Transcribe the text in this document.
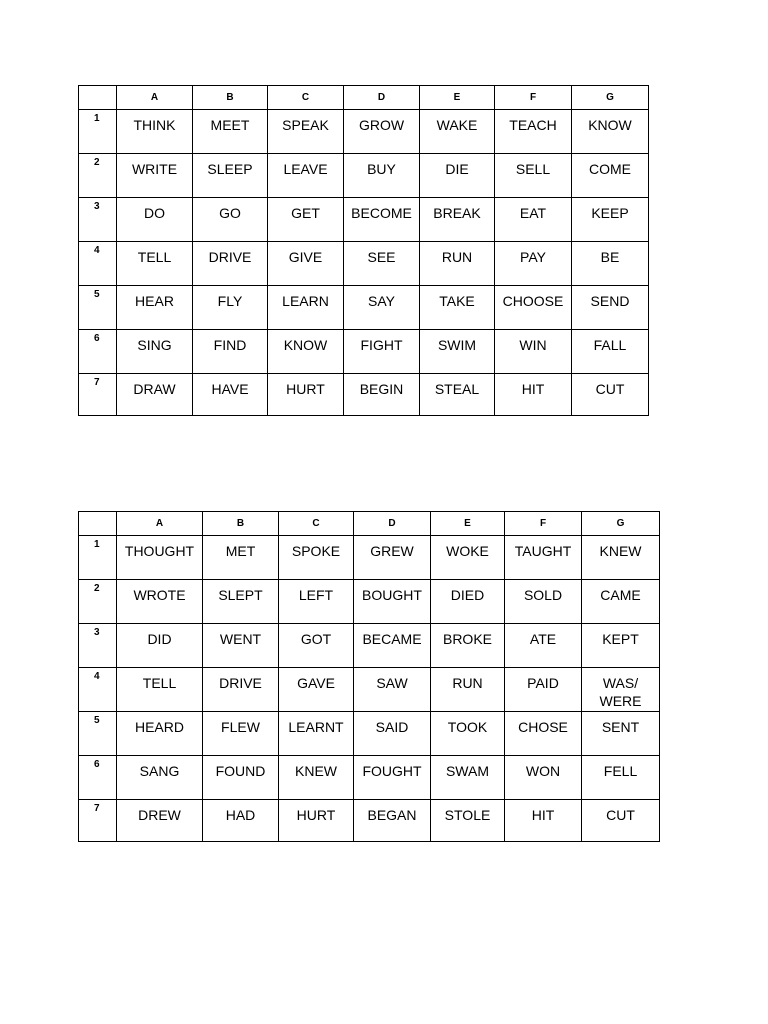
	A	B	C	D	E	F	G
1	THINK	MEET	SPEAK	GROW	WAKE	TEACH	KNOW
2	WRITE	SLEEP	LEAVE	BUY	DIE	SELL	COME
3	DO	GO	GET	BECOME	BREAK	EAT	KEEP
4	TELL	DRIVE	GIVE	SEE	RUN	PAY	BE
5	HEAR	FLY	LEARN	SAY	TAKE	CHOOSE	SEND
6	SING	FIND	KNOW	FIGHT	SWIM	WIN	FALL
7	DRAW	HAVE	HURT	BEGIN	STEAL	HIT	CUT
	A	B	C	D	E	F	G
1	THOUGHT	MET	SPOKE	GREW	WOKE	TAUGHT	KNEW
2	WROTE	SLEPT	LEFT	BOUGHT	DIED	SOLD	CAME
3	DID	WENT	GOT	BECAME	BROKE	ATE	KEPT
4	TELL	DRIVE	GAVE	SAW	RUN	PAID	WAS/
WERE
5	HEARD	FLEW	LEARNT	SAID	TOOK	CHOSE	SENT
6	SANG	FOUND	KNEW	FOUGHT	SWAM	WON	FELL
7	DREW	HAD	HURT	BEGAN	STOLE	HIT	CUT
